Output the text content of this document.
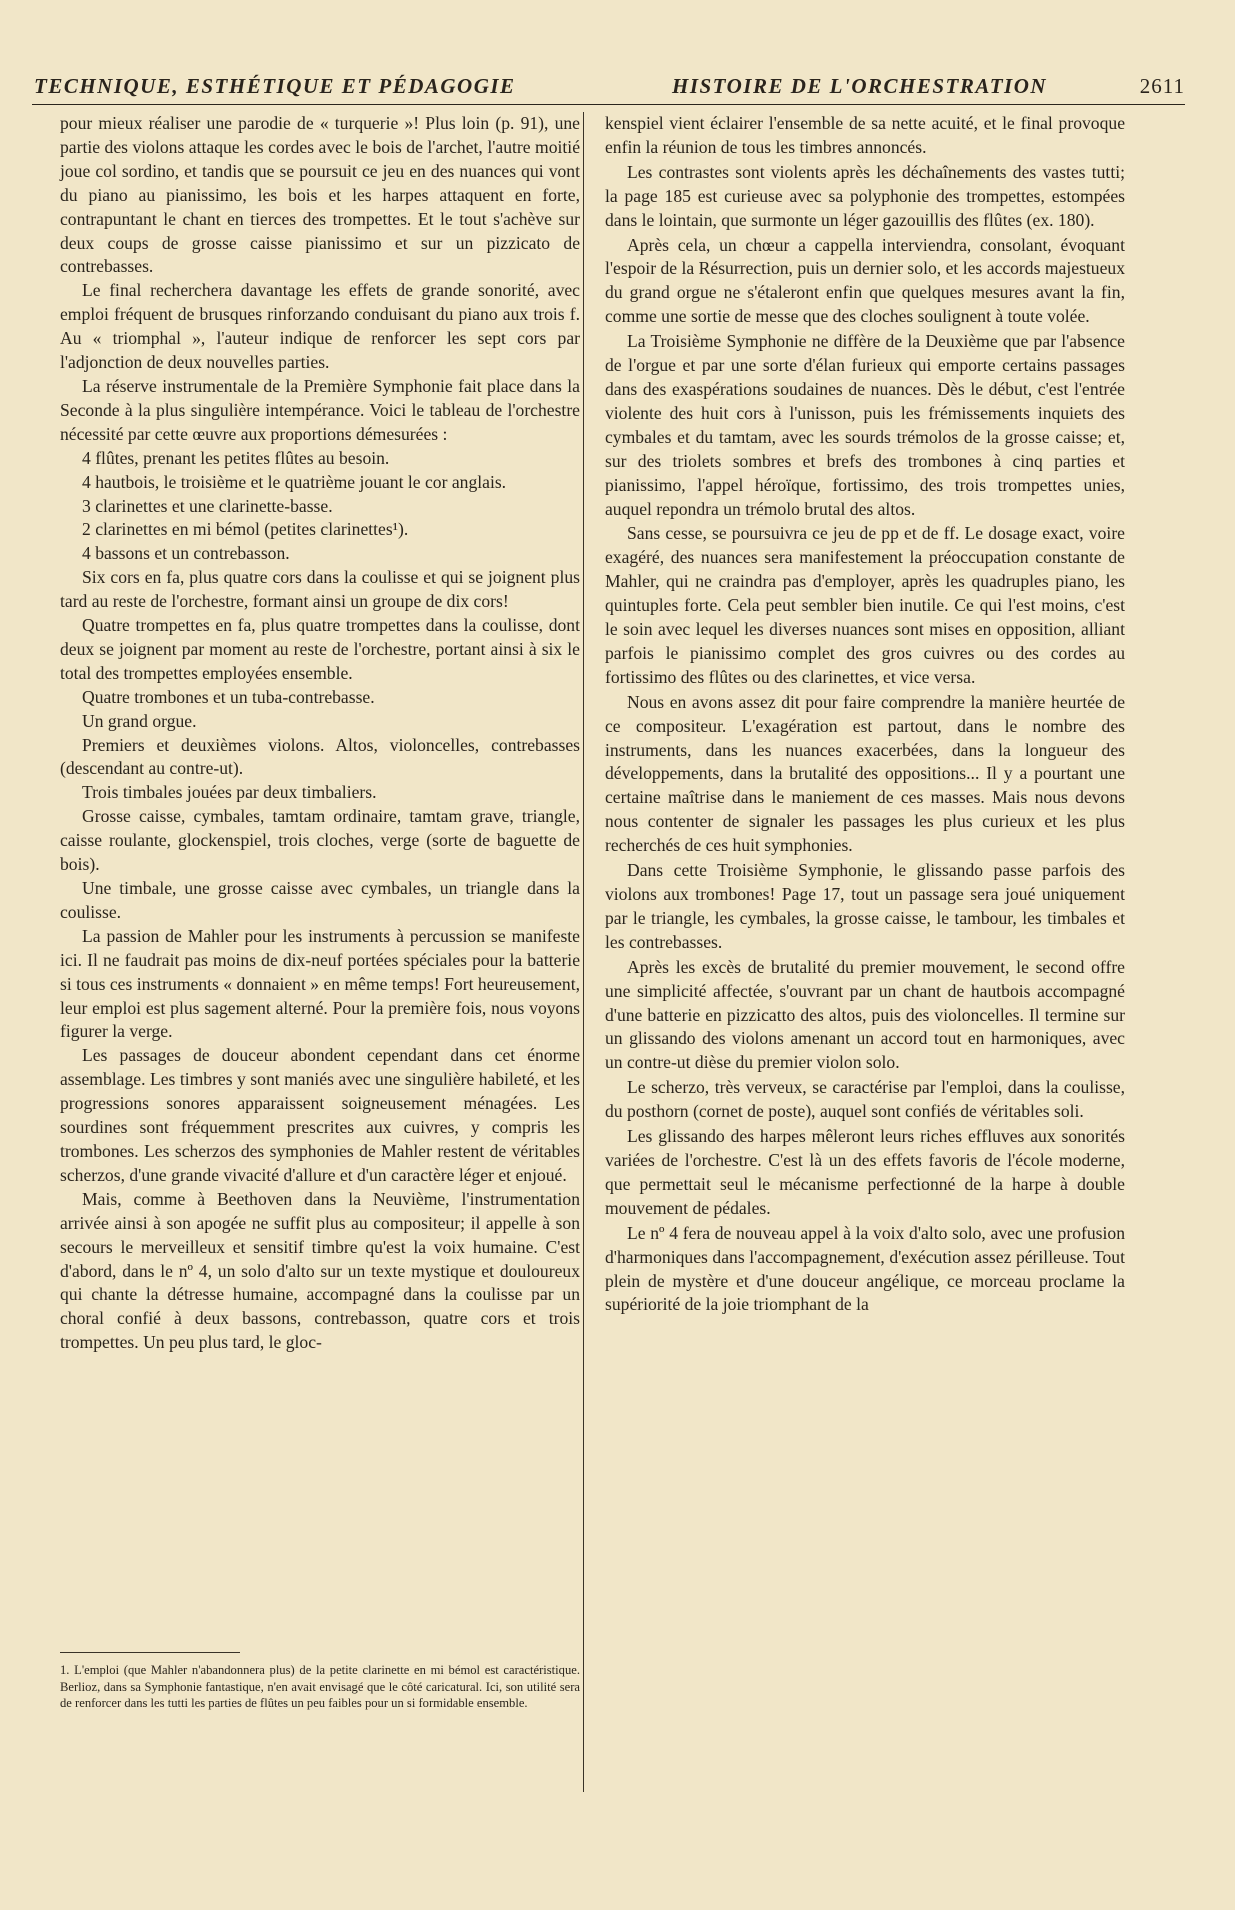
TECHNIQUE, ESTHÉTIQUE ET PÉDAGOGIE	HISTOIRE DE L'ORCHESTRATION	2611

pour mieux réaliser une parodie de « turquerie »! Plus loin (p. 91), une partie des violons attaque les cordes avec le bois de l'archet, l'autre moitié joue col sordino, et tandis que se poursuit ce jeu en des nuances qui vont du piano au pianissimo, les bois et les harpes attaquent en forte, contrapuntant le chant en tierces des trompettes. Et le tout s'achève sur deux coups de grosse caisse pianissimo et sur un pizzicato de contrebasses.

Le final recherchera davantage les effets de grande sonorité, avec emploi fréquent de brusques rinforzando conduisant du piano aux trois f. Au « triomphal », l'auteur indique de renforcer les sept cors par l'adjonction de deux nouvelles parties.

La réserve instrumentale de la Première Symphonie fait place dans la Seconde à la plus singulière intempérance. Voici le tableau de l'orchestre nécessité par cette œuvre aux proportions démesurées :

4 flûtes, prenant les petites flûtes au besoin.

4 hautbois, le troisième et le quatrième jouant le cor anglais.

3 clarinettes et une clarinette-basse.

2 clarinettes en mi bémol (petites clarinettes¹).

4 bassons et un contrebasson.

Six cors en fa, plus quatre cors dans la coulisse et qui se joignent plus tard au reste de l'orchestre, formant ainsi un groupe de dix cors!

Quatre trompettes en fa, plus quatre trompettes dans la coulisse, dont deux se joignent par moment au reste de l'orchestre, portant ainsi à six le total des trompettes employées ensemble.

Quatre trombones et un tuba-contrebasse.

Un grand orgue.

Premiers et deuxièmes violons. Altos, violoncelles, contrebasses (descendant au contre-ut).

Trois timbales jouées par deux timbaliers.

Grosse caisse, cymbales, tamtam ordinaire, tamtam grave, triangle, caisse roulante, glockenspiel, trois cloches, verge (sorte de baguette de bois).

Une timbale, une grosse caisse avec cymbales, un triangle dans la coulisse.

La passion de Mahler pour les instruments à percussion se manifeste ici. Il ne faudrait pas moins de dix-neuf portées spéciales pour la batterie si tous ces instruments « donnaient » en même temps! Fort heureusement, leur emploi est plus sagement alterné. Pour la première fois, nous voyons figurer la verge.

Les passages de douceur abondent cependant dans cet énorme assemblage. Les timbres y sont maniés avec une singulière habileté, et les progressions sonores apparaissent soigneusement ménagées. Les sourdines sont fréquemment prescrites aux cuivres, y compris les trombones. Les scherzos des symphonies de Mahler restent de véritables scherzos, d'une grande vivacité d'allure et d'un caractère léger et enjoué.

Mais, comme à Beethoven dans la Neuvième, l'instrumentation arrivée ainsi à son apogée ne suffit plus au compositeur; il appelle à son secours le merveilleux et sensitif timbre qu'est la voix humaine. C'est d'abord, dans le nº 4, un solo d'alto sur un texte mystique et douloureux qui chante la détresse humaine, accompagné dans la coulisse par un choral confié à deux bassons, contrebasson, quatre cors et trois trompettes. Un peu plus tard, le gloc-

1. L'emploi (que Mahler n'abandonnera plus) de la petite clarinette en mi bémol est caractéristique. Berlioz, dans sa Symphonie fantastique, n'en avait envisagé que le côté caricatural. Ici, son utilité sera de renforcer dans les tutti les parties de flûtes un peu faibles pour un si formidable ensemble.

kenspiel vient éclairer l'ensemble de sa nette acuité, et le final provoque enfin la réunion de tous les timbres annoncés.

Les contrastes sont violents après les déchaînements des vastes tutti; la page 185 est curieuse avec sa polyphonie des trompettes, estompées dans le lointain, que surmonte un léger gazouillis des flûtes (ex. 180).

Après cela, un chœur a cappella interviendra, consolant, évoquant l'espoir de la Résurrection, puis un dernier solo, et les accords majestueux du grand orgue ne s'étaleront enfin que quelques mesures avant la fin, comme une sortie de messe que des cloches soulignent à toute volée.

La Troisième Symphonie ne diffère de la Deuxième que par l'absence de l'orgue et par une sorte d'élan furieux qui emporte certains passages dans des exaspérations soudaines de nuances. Dès le début, c'est l'entrée violente des huit cors à l'unisson, puis les frémissements inquiets des cymbales et du tamtam, avec les sourds trémolos de la grosse caisse; et, sur des triolets sombres et brefs des trombones à cinq parties et pianissimo, l'appel héroïque, fortissimo, des trois trompettes unies, auquel repondra un trémolo brutal des altos.

Sans cesse, se poursuivra ce jeu de pp et de ff. Le dosage exact, voire exagéré, des nuances sera manifestement la préoccupation constante de Mahler, qui ne craindra pas d'employer, après les quadruples piano, les quintuples forte. Cela peut sembler bien inutile. Ce qui l'est moins, c'est le soin avec lequel les diverses nuances sont mises en opposition, alliant parfois le pianissimo complet des gros cuivres ou des cordes au fortissimo des flûtes ou des clarinettes, et vice versa.

Nous en avons assez dit pour faire comprendre la manière heurtée de ce compositeur. L'exagération est partout, dans le nombre des instruments, dans les nuances exacerbées, dans la longueur des développements, dans la brutalité des oppositions... Il y a pourtant une certaine maîtrise dans le maniement de ces masses. Mais nous devons nous contenter de signaler les passages les plus curieux et les plus recherchés de ces huit symphonies.

Dans cette Troisième Symphonie, le glissando passe parfois des violons aux trombones! Page 17, tout un passage sera joué uniquement par le triangle, les cymbales, la grosse caisse, le tambour, les timbales et les contrebasses.

Après les excès de brutalité du premier mouvement, le second offre une simplicité affectée, s'ouvrant par un chant de hautbois accompagné d'une batterie en pizzicatto des altos, puis des violoncelles. Il termine sur un glissando des violons amenant un accord tout en harmoniques, avec un contre-ut dièse du premier violon solo.

Le scherzo, très verveux, se caractérise par l'emploi, dans la coulisse, du posthorn (cornet de poste), auquel sont confiés de véritables soli.

Les glissando des harpes mêleront leurs riches effluves aux sonorités variées de l'orchestre. C'est là un des effets favoris de l'école moderne, que permettait seul le mécanisme perfectionné de la harpe à double mouvement de pédales.

Le nº 4 fera de nouveau appel à la voix d'alto solo, avec une profusion d'harmoniques dans l'accompagnement, d'exécution assez périlleuse. Tout plein de mystère et d'une douceur angélique, ce morceau proclame la supériorité de la joie triomphant de la
